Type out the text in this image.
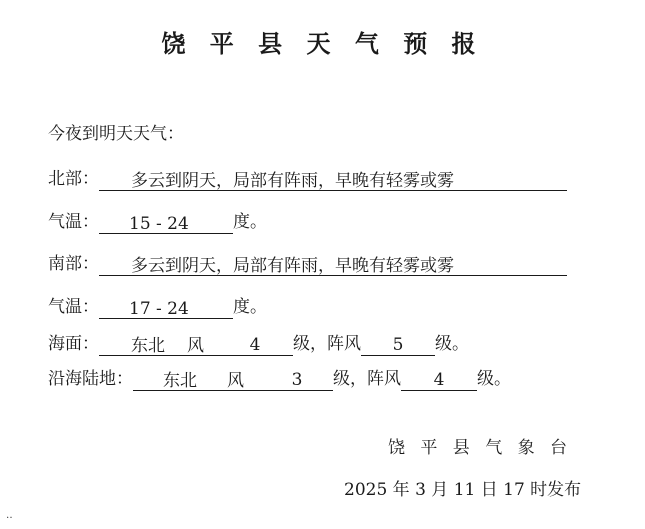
饶 平 县 天 气 预 报
今夜到明天天气：
北部： 多云到阴天，局部有阵雨，早晚有轻雾或雾
气温： 15 - 24	度。
南部： 多云到阴天，局部有阵雨，早晚有轻雾或雾
气温： 17 - 24	度。
海面： 东北 风	4 级，阵风 5 级。
沿海陆地： 东北 风	3 级，阵风 4 级。
饶 平 县 气 象 台
2025 年 3 月 11 日 17 时发布
‥
